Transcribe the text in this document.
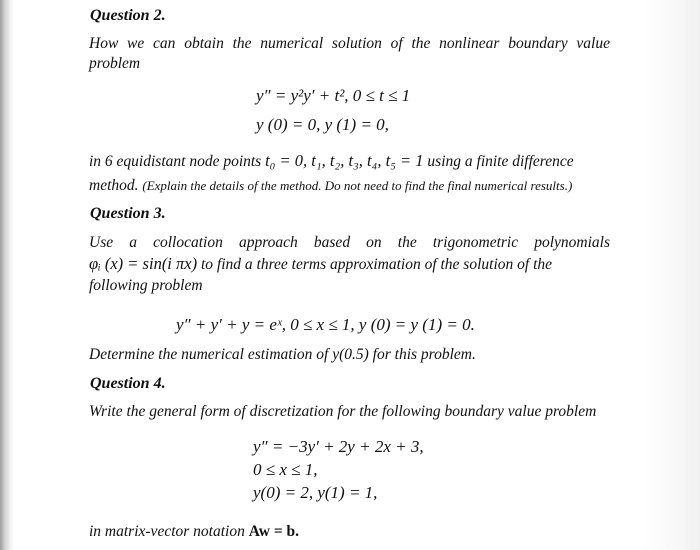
Question 2.
How we can obtain the numerical solution of the nonlinear boundary value
problem
y″ = y²y′ + t², 0 ≤ t ≤ 1
y (0) = 0, y (1) = 0,
in 6 equidistant node points t₀ = 0, t₁, t₂, t₃, t₄, t₅ = 1 using a finite difference
method. (Explain the details of the method. Do not need to find the final numerical results.)
Question 3.
Use a collocation approach based on the trigonometric polynomials
φᵢ (x) = sin(i πx) to find a three terms approximation of the solution of the
following problem
y″ + y′ + y = eˣ, 0 ≤ x ≤ 1, y (0) = y (1) = 0.
Determine the numerical estimation of y(0.5) for this problem.
Question 4.
Write the general form of discretization for the following boundary value problem
y″ = −3y′ + 2y + 2x + 3,
0 ≤ x ≤ 1,
y(0) = 2, y(1) = 1,
in matrix-vector notation Aw = b.
